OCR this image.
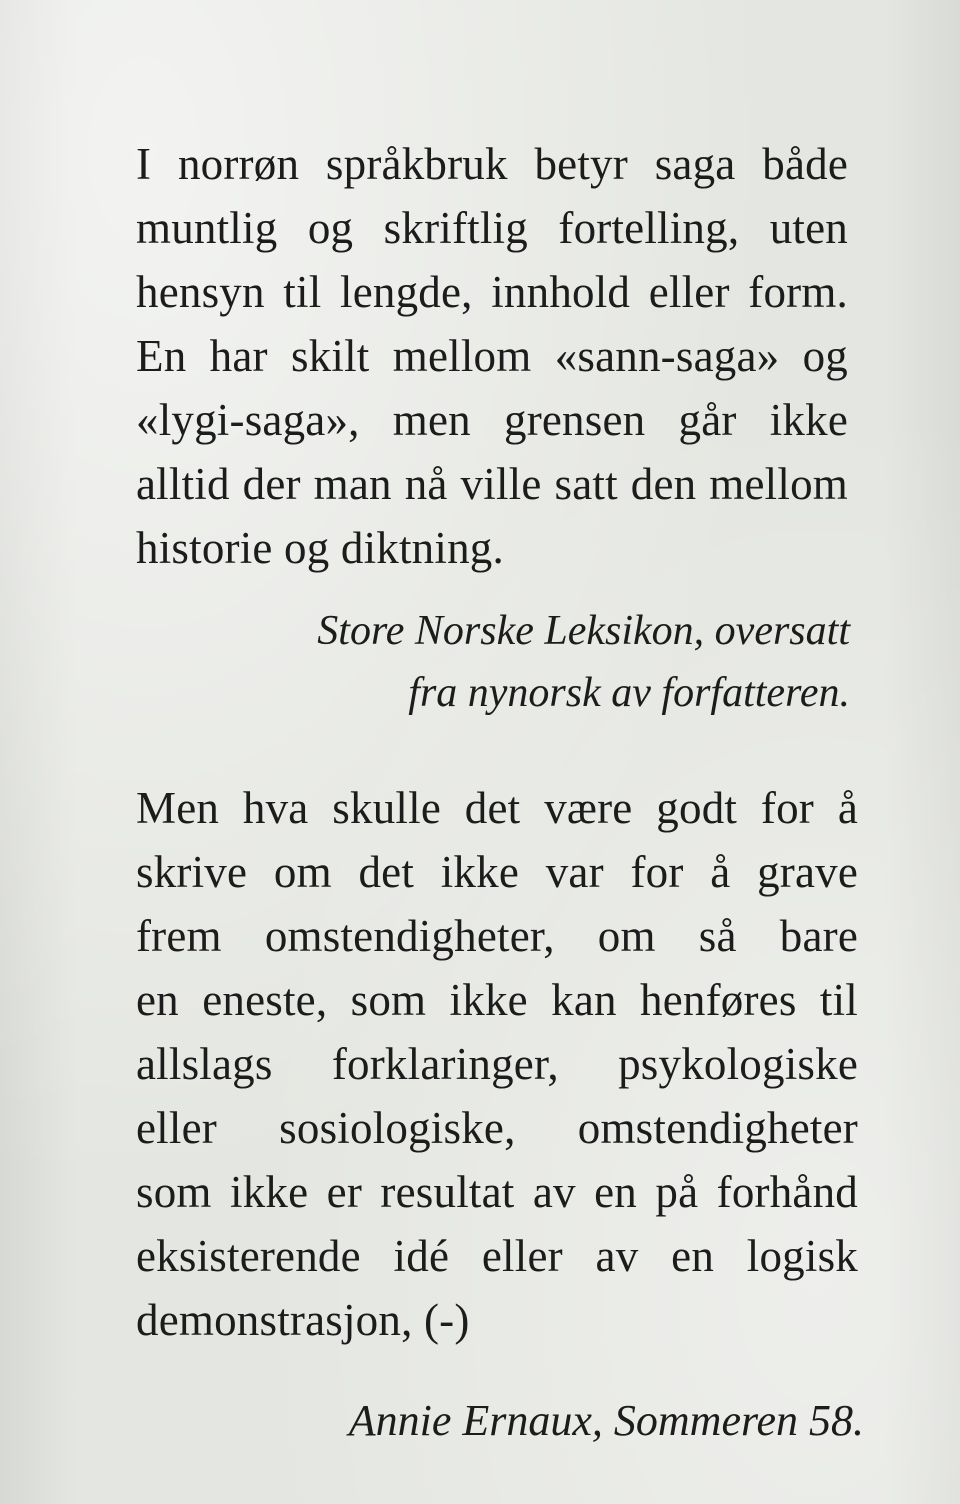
I norrøn språkbruk betyr saga både
muntlig og skriftlig fortelling, uten
hensyn til lengde, innhold eller form.
En har skilt mellom «sann-saga» og
«lygi-saga», men grensen går ikke
alltid der man nå ville satt den mellom
historie og diktning.

Store Norske Leksikon, oversatt
fra nynorsk av forfatteren.

Men hva skulle det være godt for å
skrive om det ikke var for å grave
frem omstendigheter, om så bare
en eneste, som ikke kan henføres til
allslags forklaringer, psykologiske
eller sosiologiske, omstendigheter
som ikke er resultat av en på forhånd
eksisterende idé eller av en logisk
demonstrasjon, (-)

Annie Ernaux, Sommeren 58.
